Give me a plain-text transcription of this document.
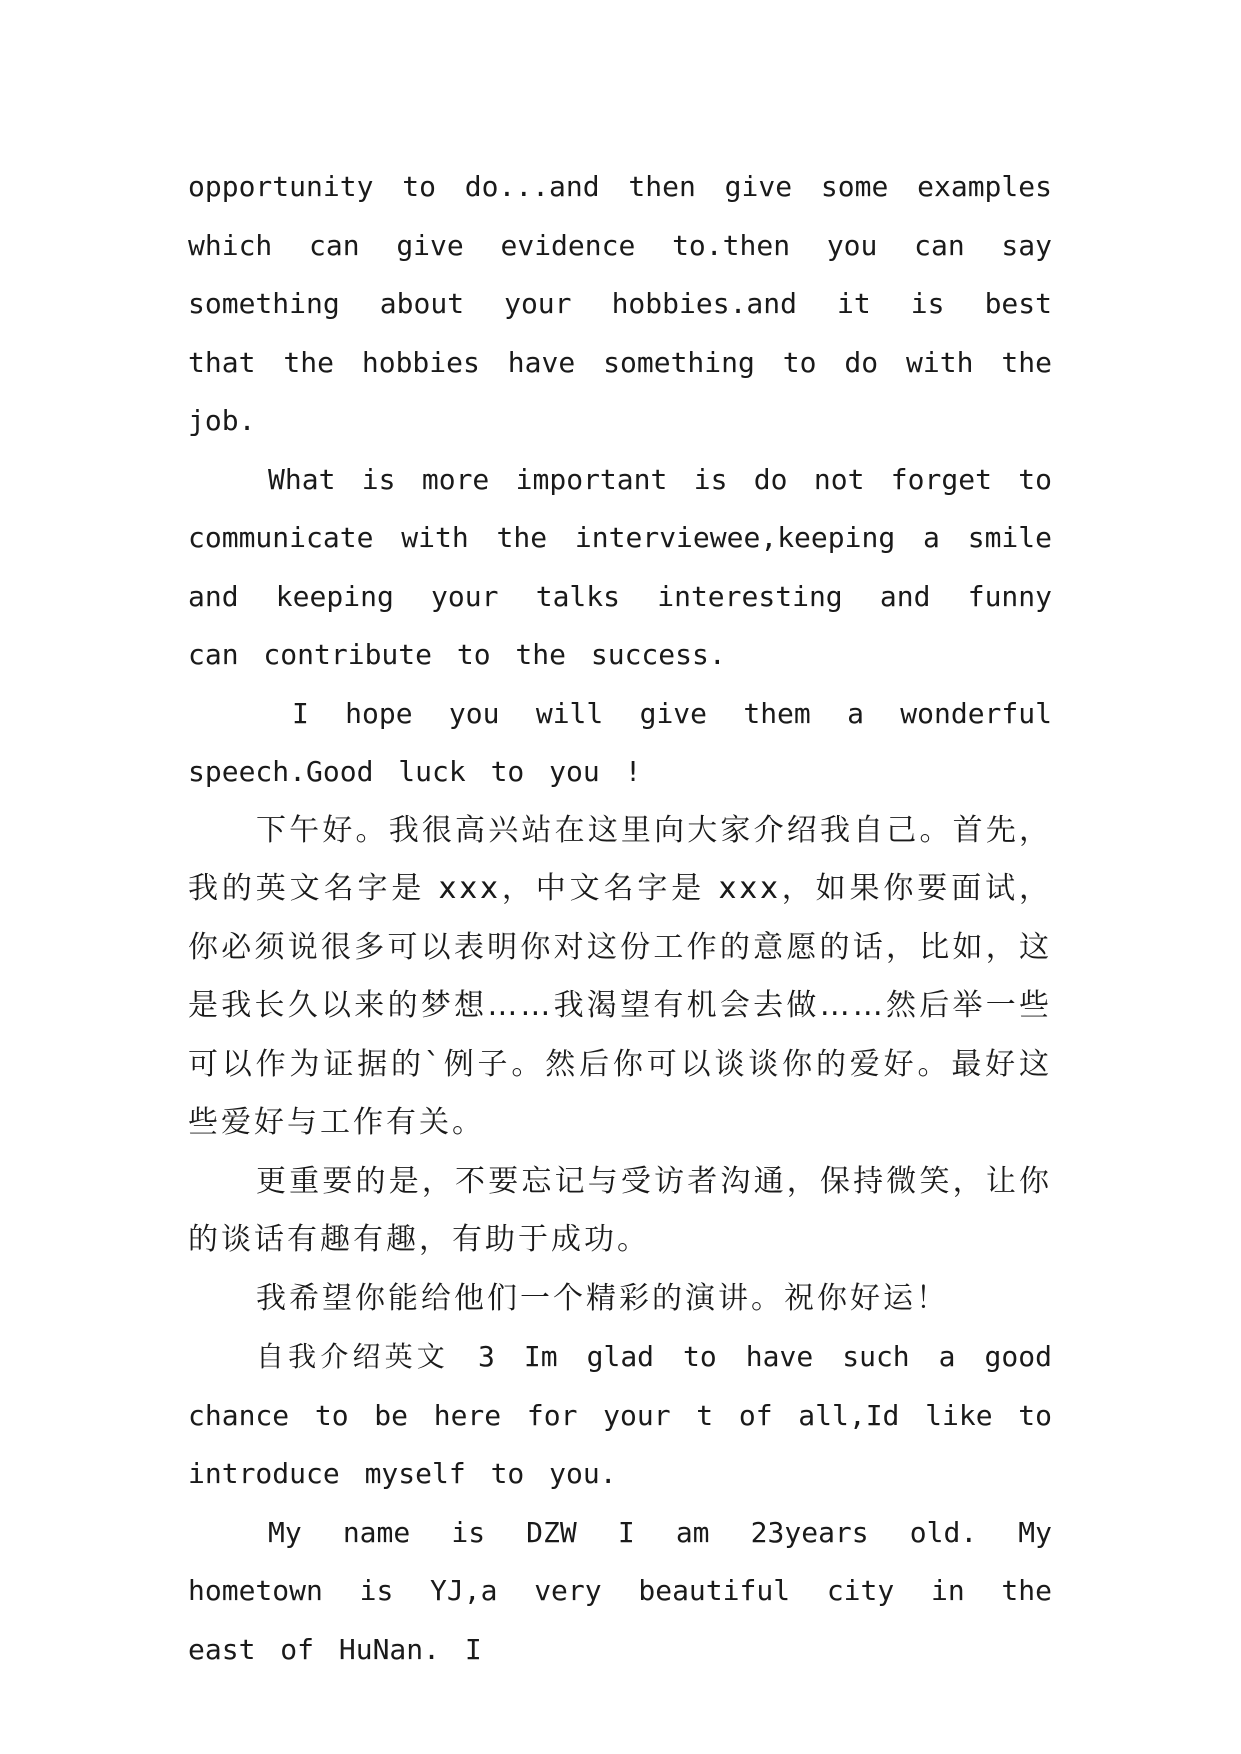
opportunity to do...and then give some examples which can give evidence to.then you can say something about your hobbies.and it is best that the hobbies have something to do with the job.

What is more important is do not forget to communicate with the interviewee,keeping a smile and keeping your talks interesting and funny can contribute to the success.

I hope you will give them a wonderful speech.Good luck to you !

下午好。我很高兴站在这里向大家介绍我自己。首先，我的英文名字是 xxx，中文名字是 xxx，如果你要面试，你必须说很多可以表明你对这份工作的意愿的话，比如，这是我长久以来的梦想……我渴望有机会去做……然后举一些可以作为证据的`例子。然后你可以谈谈你的爱好。最好这些爱好与工作有关。

更重要的是，不要忘记与受访者沟通，保持微笑，让你的谈话有趣有趣，有助于成功。

我希望你能给他们一个精彩的演讲。祝你好运！

自我介绍英文 3 Im glad to have such a good chance to be here for your t of all,Id like to introduce myself to you.

My name is DZW I am 23years old. My hometown is YJ,a very beautiful city in the east of HuNan. I
